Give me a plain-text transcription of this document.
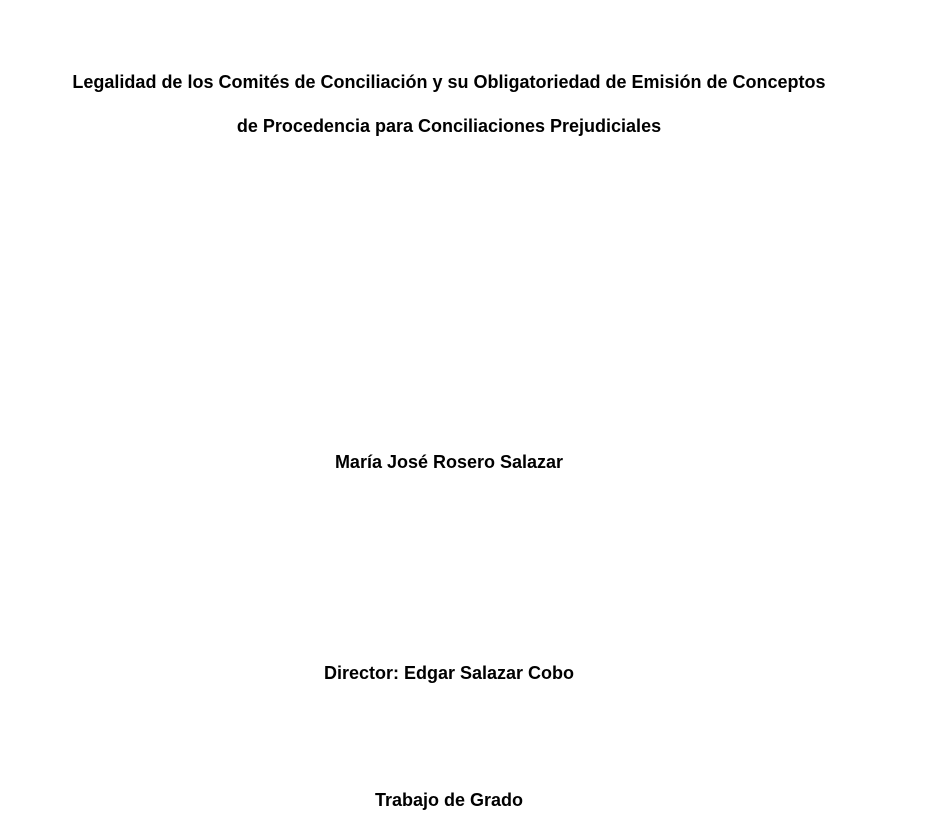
Legalidad de los Comités de Conciliación y su Obligatoriedad de Emisión de Conceptos
de Procedencia para Conciliaciones Prejudiciales
María José Rosero Salazar
Director: Edgar Salazar Cobo
Trabajo de Grado
